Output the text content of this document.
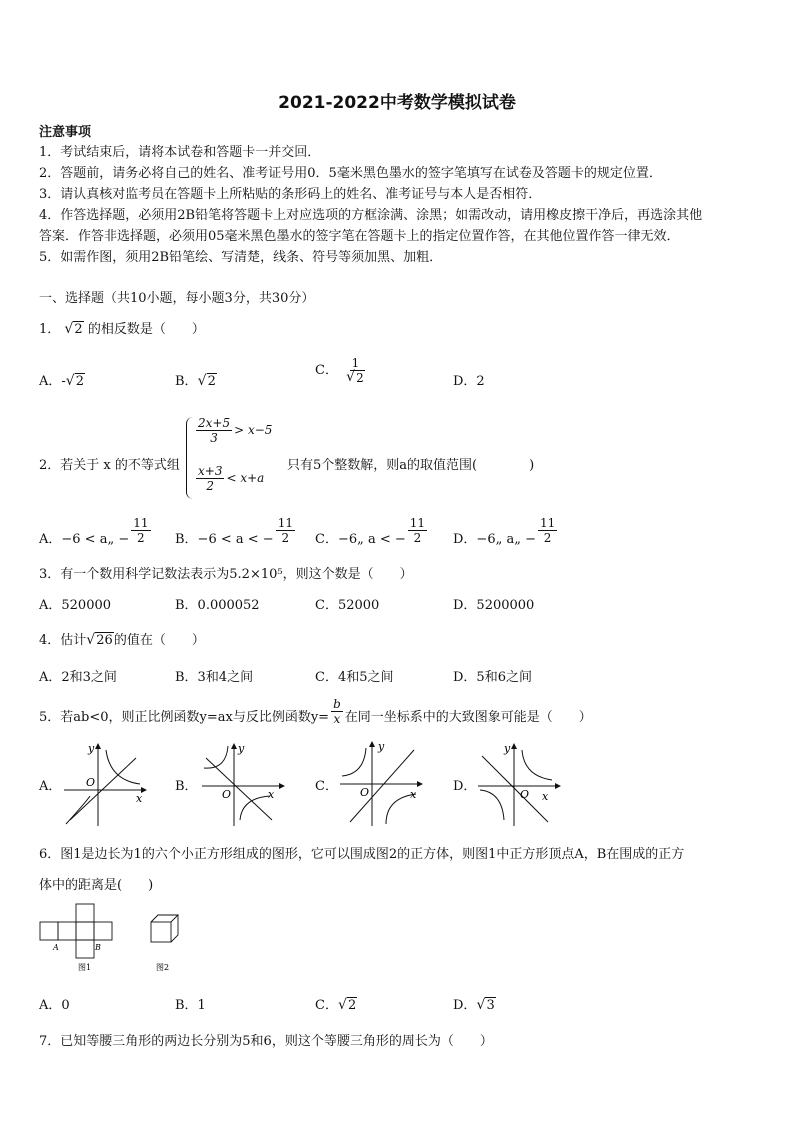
2021-2022中考数学模拟试卷
注意事项
1．考试结束后，请将本试卷和答题卡一并交回．
2．答题前，请务必将自己的姓名、准考证号用0．5毫米黑色墨水的签字笔填写在试卷及答题卡的规定位置．
3．请认真核对监考员在答题卡上所粘贴的条形码上的姓名、准考证号与本人是否相符．
4．作答选择题，必须用2B铅笔将答题卡上对应选项的方框涂满、涂黑；如需改动，请用橡皮擦干净后，再选涂其他
答案．作答非选择题，必须用05毫米黑色墨水的签字笔在答题卡上的指定位置作答，在其他位置作答一律无效．
5．如需作图，须用2B铅笔绘、写清楚，线条、符号等须加黑、加粗．
一、选择题（共10小题，每小题3分，共30分）
1． √ 2 的相反数是（　　）
A．- √ 2	B． √ 2
C． 1
√ 2	D．2
2．若关于 x 的不等式组
$\frac{2x+5}{3} > x-5$
$\frac{x+3}{2} < x+a$
只有5个整数解，则a的取值范围(　　　　)
A．−6 < a„ − $\frac{11}{2}$ B．−6 < a < − $\frac{11}{2}$ C．−6„ a < − $\frac{11}{2}$ D．−6„ a„ − $\frac{11}{2}$
3．有一个数用科学记数法表示为5.2×10⁵，则这个数是（　　）
A．520000	B．0.000052	C．52000	D．5200000
4．估计 √ 26的值在（　　）
A．2和3之间	B．3和4之间	C．4和5之间	D．5和6之间
5．若ab<0，则正比例函数y=ax与反比例函数$y= \frac{b}{x}$ 在同一坐标系中的大致图象可能是（　　）
A．	B．	C．	D．
y
x
O
y
x
O
y
x
O
y
x
O
6．图1是边长为1的六个小正方形组成的图形，它可以围成图2的正方体，则图1中正方形顶点A，B在围成的正方
体中的距离是(　　)
A	B
图1	图2
A．0	B．1	C． √ 2	D． √ 3
7．已知等腰三角形的两边长分别为5和6，则这个等腰三角形的周长为（　　）
